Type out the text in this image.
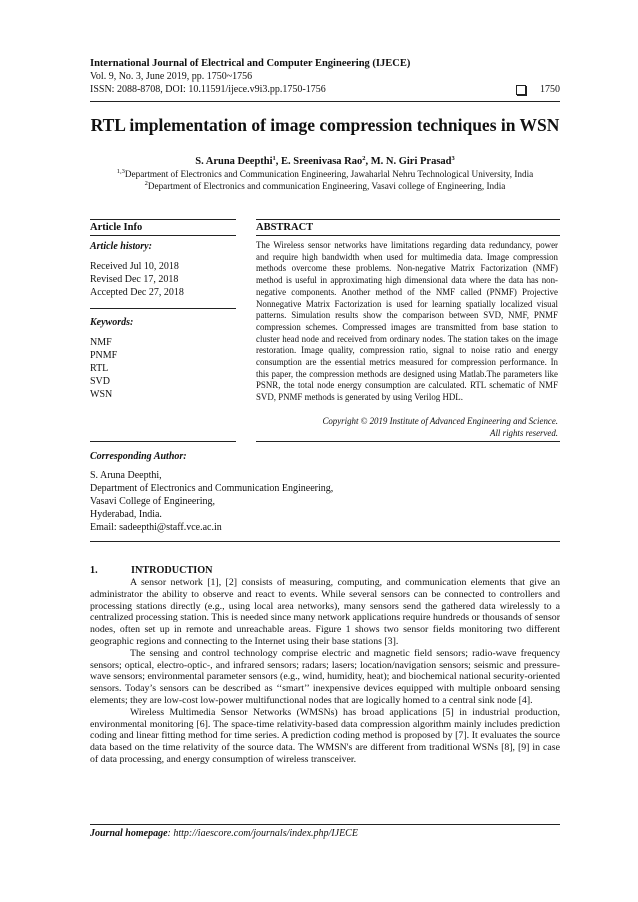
International Journal of Electrical and Computer Engineering (IJECE)
Vol. 9, No. 3, June 2019, pp. 1750~1756
ISSN: 2088-8708, DOI: 10.11591/ijece.v9i3.pp.1750-1756	1750
RTL implementation of image compression techniques in WSN
S. Aruna Deepthi$^1$, E. Sreenivasa Rao$^2$, M. N. Giri Prasad$^3$
$^{1,3}$Department of Electronics and Communication Engineering, Jawaharlal Nehru Technological University, India
$^2$Department of Electronics and communication Engineering, Vasavi college of Engineering, India
Article Info	ABSTRACT
Article history:
Received Jul 10, 2018
Revised Dec 17, 2018
Accepted Dec 27, 2018
Keywords:
NMF
PNMF
RTL
SVD
WSN
The Wireless sensor networks have limitations regarding data redundancy, power and require high bandwidth when used for multimedia data. Image compression methods overcome these problems. Non-negative Matrix Factorization (NMF) method is useful in approximating high dimensional data where the data has non-negative components. Another method of the NMF called (PNMF) Projective Nonnegative Matrix Factorization is used for learning spatially localized visual patterns. Simulation results show the comparison between SVD, NMF, PNMF compression schemes. Compressed images are transmitted from base station to cluster head node and received from ordinary nodes. The station takes on the image restoration. Image quality, compression ratio, signal to noise ratio and energy consumption are the essential metrics measured for compression performance. In this paper, the compression methods are designed using Matlab.The parameters like PSNR, the total node energy consumption are calculated. RTL schematic of NMF SVD, PNMF methods is generated by using Verilog HDL.
Copyright © 2019 Institute of Advanced Engineering and Science.
All rights reserved.
Corresponding Author:
S. Aruna Deepthi,
Department of Electronics and Communication Engineering,
Vasavi College of Engineering,
Hyderabad, India.
Email: sadeepthi@staff.vce.ac.in
1.	INTRODUCTION

A sensor network [1], [2] consists of measuring, computing, and communication elements that give an administrator the ability to observe and react to events. While several sensors can be connected to controllers and processing stations directly (e.g., using local area networks), many sensors send the gathered data wirelessly to a centralized processing station. This is needed since many network applications require hundreds or thousands of sensor nodes, often set up in remote and unreachable areas. Figure 1 shows two sensor fields monitoring two different geographic regions and connecting to the Internet using their base stations [3].

The sensing and control technology comprise electric and magnetic field sensors; radio-wave frequency sensors; optical, electro-optic-, and infrared sensors; radars; lasers; location/navigation sensors; seismic and pressure-wave sensors; environmental parameter sensors (e.g., wind, humidity, heat); and biochemical national security-oriented sensors. Today’s sensors can be described as ‘‘smart’’ inexpensive devices equipped with multiple onboard sensing elements; they are low-cost low-power multifunctional nodes that are logically homed to a central sink node [4].

Wireless Multimedia Sensor Networks (WMSNs) has broad applications [5] in industrial production, environmental monitoring [6]. The space-time relativity-based data compression algorithm mainly includes prediction coding and linear fitting method for time series. A prediction coding method is proposed by [7]. It evaluates the source data based on the time relativity of the source data. The WMSN's are different from traditional WSNs [8], [9] in case of data processing, and energy consumption of wireless transceiver.

Journal homepage: http://iaescore.com/journals/index.php/IJECE
